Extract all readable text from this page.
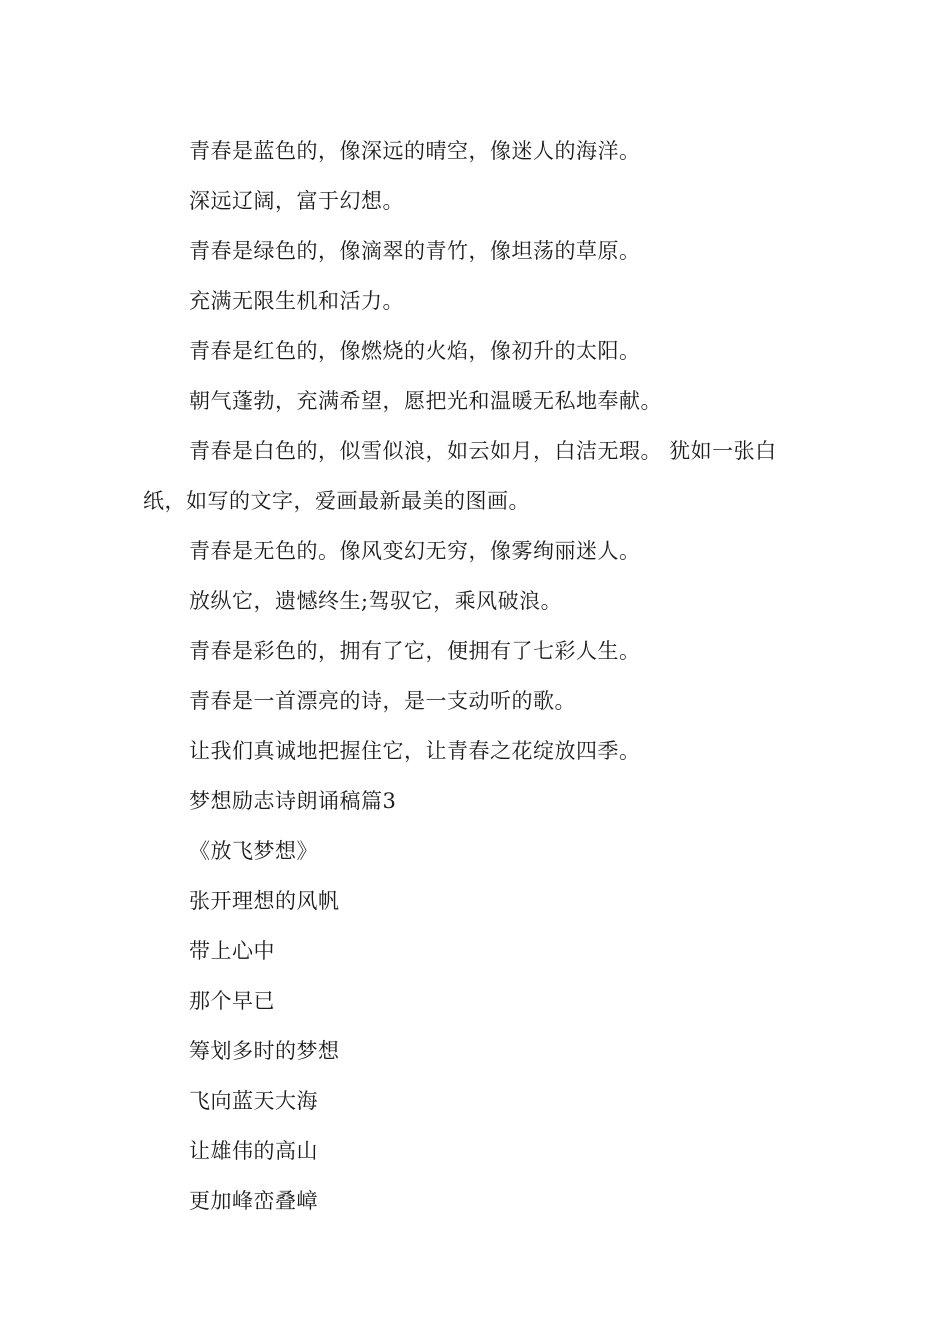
青春是蓝色的，像深远的晴空，像迷人的海洋。
深远辽阔，富于幻想。
青春是绿色的，像滴翠的青竹，像坦荡的草原。
充满无限生机和活力。
青春是红色的，像燃烧的火焰，像初升的太阳。
朝气蓬勃，充满希望，愿把光和温暖无私地奉献。
青春是白色的，似雪似浪，如云如月，白洁无瑕。 犹如一张白
纸，如写的文字，爱画最新最美的图画。
青春是无色的。像风变幻无穷，像雾绚丽迷人。
放纵它，遗憾终生;驾驭它，乘风破浪。
青春是彩色的，拥有了它，便拥有了七彩人生。
青春是一首漂亮的诗，是一支动听的歌。
让我们真诚地把握住它，让青春之花绽放四季。
梦想励志诗朗诵稿篇3
《放飞梦想》
张开理想的风帆
带上心中
那个早已
筹划多时的梦想
飞向蓝天大海
让雄伟的高山
更加峰峦叠嶂
